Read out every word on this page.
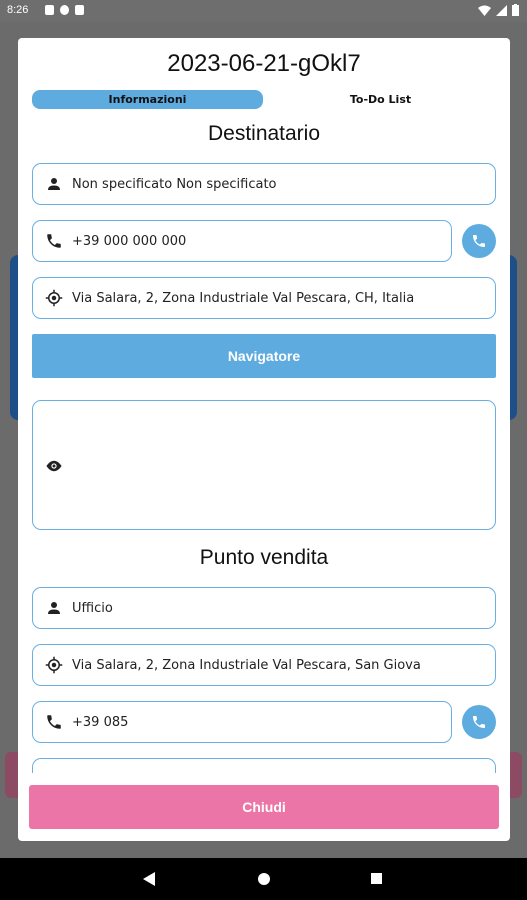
8:26
2023-06-21-gOkl7
Informazioni	To-Do List
Destinatario
Non specificato Non specificato
+39 000 000 000
Via Salara, 2, Zona Industriale Val Pescara, CH, Italia
Navigatore
Punto vendita
Ufficio
Via Salara, 2, Zona Industriale Val Pescara, San Giova
+39 085
Chiudi
